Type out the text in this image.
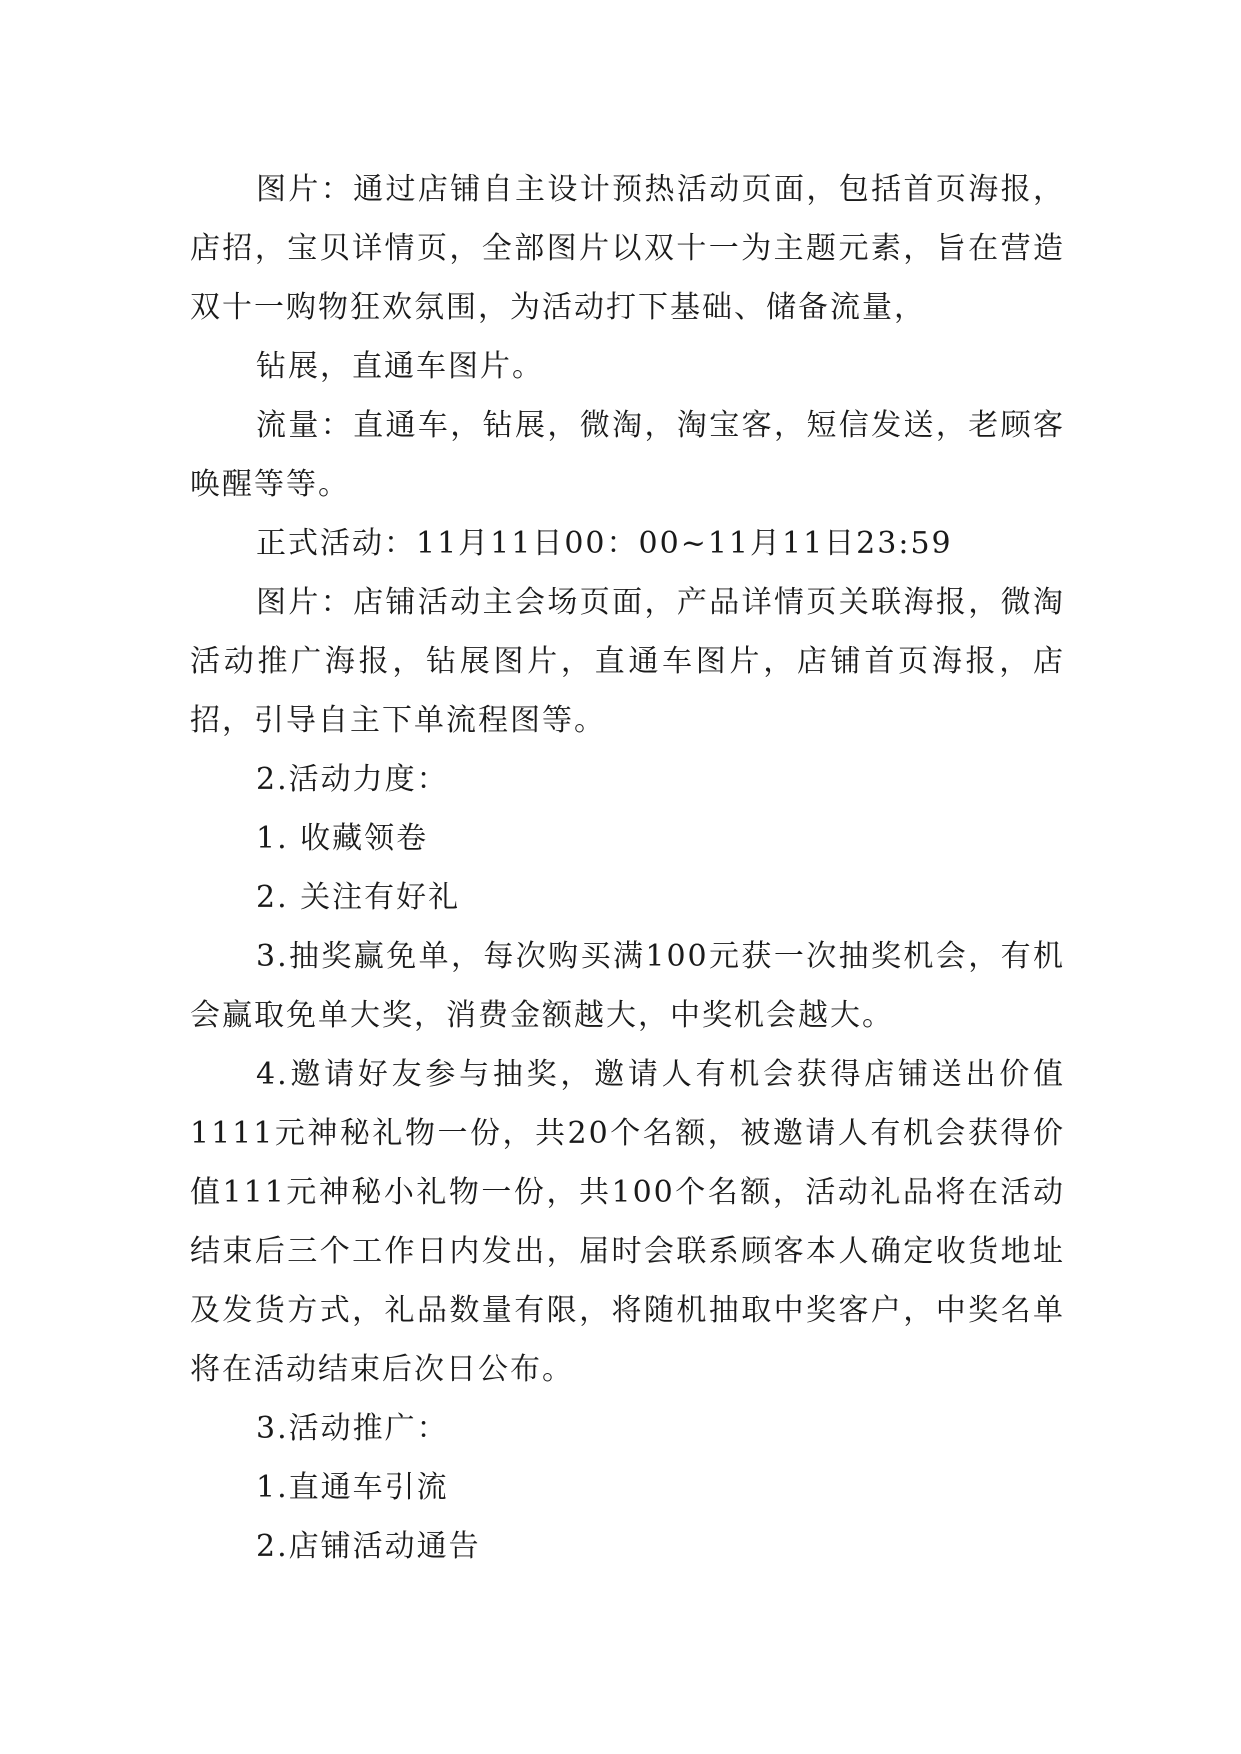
图片：通过店铺自主设计预热活动页面，包括首页海报，店招，宝贝详情页，全部图片以双十一为主题元素，旨在营造双十一购物狂欢氛围，为活动打下基础、储备流量，

钻展，直通车图片。

流量：直通车，钻展，微淘，淘宝客，短信发送，老顾客唤醒等等。

正式活动：11月11日00：00~11月11日23:59

图片：店铺活动主会场页面，产品详情页关联海报，微淘活动推广海报，钻展图片，直通车图片，店铺首页海报，店招，引导自主下单流程图等。

2.活动力度：

1. 收藏领卷

2. 关注有好礼

3.抽奖赢免单，每次购买满100元获一次抽奖机会，有机会赢取免单大奖，消费金额越大，中奖机会越大。

4.邀请好友参与抽奖，邀请人有机会获得店铺送出价值1111元神秘礼物一份，共20个名额，被邀请人有机会获得价值111元神秘小礼物一份，共100个名额，活动礼品将在活动结束后三个工作日内发出，届时会联系顾客本人确定收货地址及发货方式，礼品数量有限，将随机抽取中奖客户，中奖名单将在活动结束后次日公布。

3.活动推广：

1.直通车引流

2.店铺活动通告
